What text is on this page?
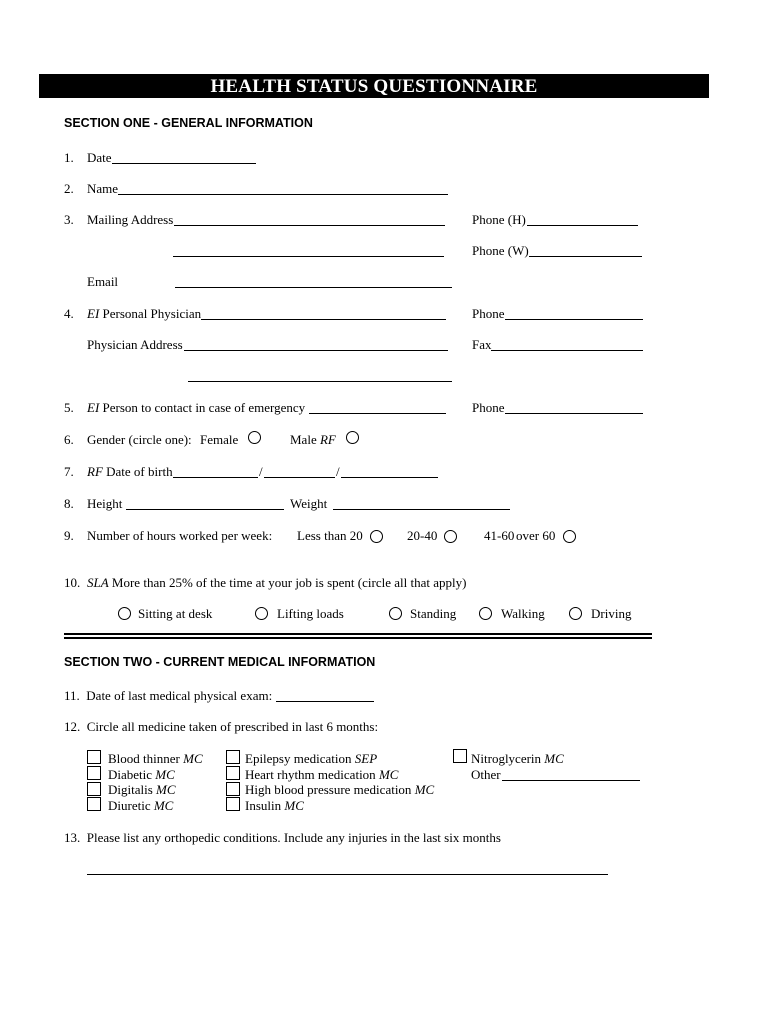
HEALTH STATUS QUESTIONNAIRE
SECTION ONE - GENERAL INFORMATION
1. Date
2. Name
3. Mailing Address	Phone (H)
Phone (W)
Email
4. EI Personal Physician	Phone
Physician Address	Fax
5. EI Person to contact in case of emergency	Phone
6. Gender (circle one): Female	Male RF
7. RF Date of birth	/	/
8. Height	Weight
9. Number of hours worked per week: Less than 20	20-40	41-60 over 60
10. SLA More than 25% of the time at your job is spent (circle all that apply)
Sitting at desk	Lifting loads	Standing	Walking	Driving
SECTION TWO - CURRENT MEDICAL INFORMATION
11. Date of last medical physical exam:
12. Circle all medicine taken of prescribed in last 6 months:
Blood thinner MC
Diabetic MC
Digitalis MC
Diuretic MC
Epilepsy medication SEP
Heart rhythm medication MC
High blood pressure medication MC
Insulin MC
Nitroglycerin MC
Other
13. Please list any orthopedic conditions. Include any injuries in the last six months
